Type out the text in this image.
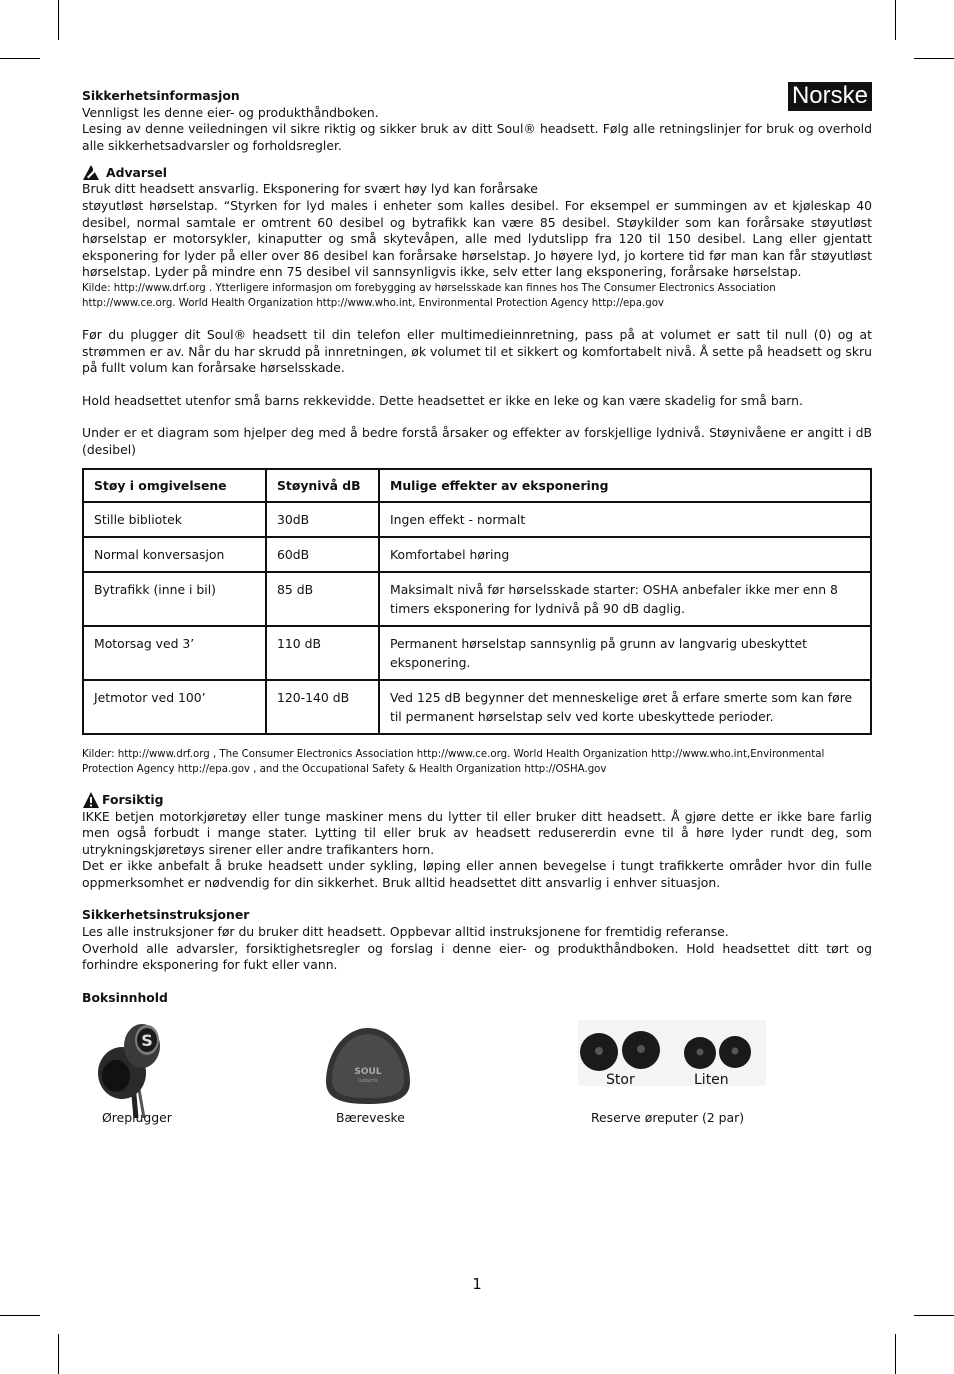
Norske
Sikkerhetsinformasjon
Vennligst les denne eier- og produkthåndboken.
Lesing av denne veiledningen vil sikre riktig og sikker bruk av ditt Soul® headsett. Følg alle retningslinjer for bruk og overhold alle sikkerhetsadvarsler og forholdsregler.
Advarsel
Bruk ditt headsett ansvarlig. Eksponering for svært høy lyd kan forårsake
støyutløst hørselstap. “Styrken for lyd males i enheter som kalles desibel. For eksempel er summingen av et kjøleskap 40 desibel, normal samtale er omtrent 60 desibel og bytrafikk kan være 85 desibel. Støykilder som kan forårsake støyutløst hørselstap er motorsykler, kinaputter og små skytevåpen, alle med lydutslipp fra 120 til 150 desibel. Lang eller gjentatt eksponering for lyder på eller over 86 desibel kan forårsake hørselstap. Jo høyere lyd, jo kortere tid før man kan får støyutløst hørselstap. Lyder på mindre enn 75 desibel vil sannsynligvis ikke, selv etter lang eksponering, forårsake hørselstap.
Kilde: http://www.drf.org . Ytterligere informasjon om forebygging av hørselsskade kan finnes hos The Consumer Electronics Association http://www.ce.org. World Health Organization http://www.who.int, Environmental Protection Agency http://epa.gov
Før du plugger dit Soul® headsett til din telefon eller multimedieinnretning, pass på at volumet er satt til null (0) og at strømmen er av. Når du har skrudd på innretningen, øk volumet til et sikkert og komfortabelt nivå. Å sette på headsett og skru på fullt volum kan forårsake hørselsskade.
Hold headsettet utenfor små barns rekkevidde. Dette headsettet er ikke en leke og kan være skadelig for små barn.
Under er et diagram som hjelper deg med å bedre forstå årsaker og effekter av forskjellige lydnivå. Støynivåene er angitt i dB (desibel)
Støy i omgivelsene	Støynivå dB	Mulige effekter av eksponering
Stille bibliotek	30dB	Ingen effekt - normalt
Normal konversasjon	60dB	Komfortabel høring
Bytrafikk (inne i bil)	85 dB	Maksimalt nivå før hørselsskade starter: OSHA anbefaler ikke mer enn 8 timers eksponering for lydnivå på 90 dB daglig.
Motorsag ved 3’	110 dB	Permanent hørselstap sannsynlig på grunn av langvarig ubeskyttet eksponering.
Jetmotor ved 100’	120-140 dB	Ved 125 dB begynner det menneskelige øret å erfare smerte som kan føre til permanent hørselstap selv ved korte ubeskyttede perioder.
Kilder: http://www.drf.org , The Consumer Electronics Association http://www.ce.org. World Health Organization http://www.who.int,Environmental Protection Agency http://epa.gov , and the Occupational Safety & Health Organization http://OSHA.gov
Forsiktig
IKKE betjen motorkjøretøy eller tunge maskiner mens du lytter til eller bruker ditt headsett. Å gjøre dette er ikke bare farlig men også forbudt i mange stater. Lytting til eller bruk av headsett redusererdin evne til å høre lyder rundt deg, som utrykningskjøretøys sirener eller andre trafikanters horn.
Det er ikke anbefalt å bruke headsett under sykling, løping eller annen bevegelse i tungt trafikkerte områder hvor din fulle oppmerksomhet er nødvendig for din sikkerhet. Bruk alltid headsettet ditt ansvarlig i enhver situasjon.
Sikkerhetsinstruksjoner
Les alle instruksjoner før du bruker ditt headsett. Oppbevar alltid instruksjonene for fremtidig referanse.
Overhold alle advarsler, forsiktighetsregler og forslag i denne eier- og produkthåndboken. Hold headsettet ditt tørt og forhindre eksponering for fukt eller vann.
Boksinnhold
S
SOUL
ludacris	Stor	Liten
Øreplugger	Bæreveske	Reserve øreputer (2 par)
1
